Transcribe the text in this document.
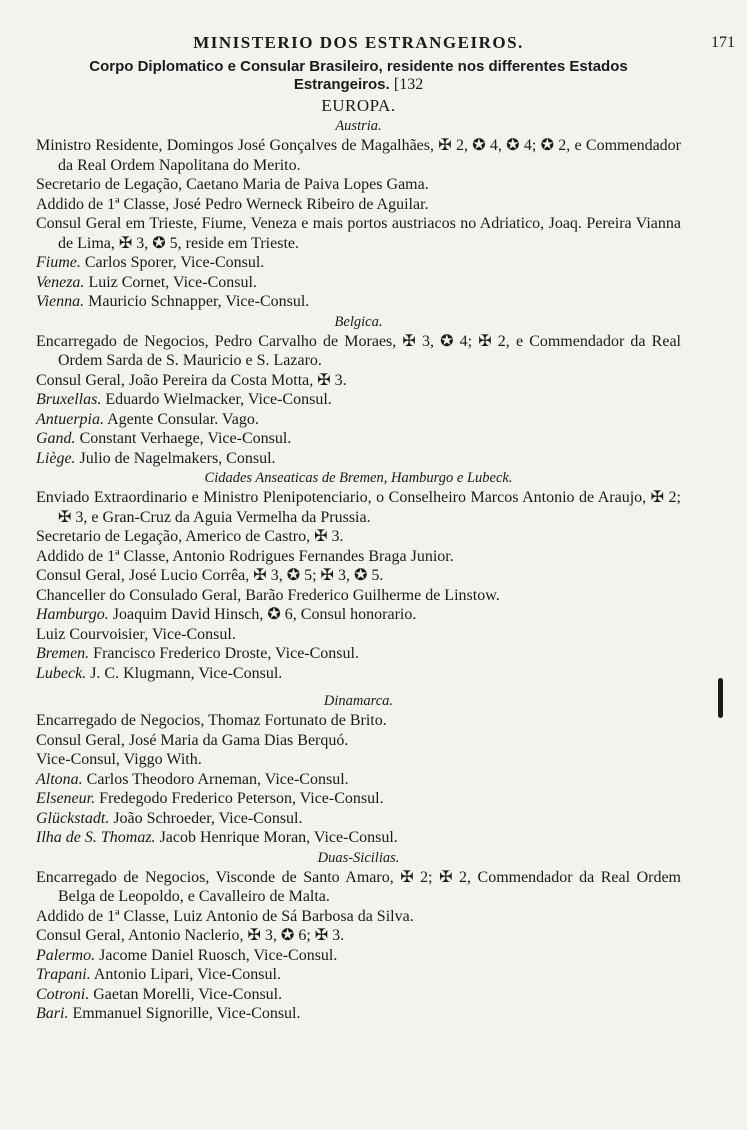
MINISTERIO DOS ESTRANGEIROS.	171
Corpo Diplomatico e Consular Brasileiro, residente nos differentes Estados Estrangeiros. [132
EUROPA.
Austria.
Ministro Residente, Domingos José Gonçalves de Magalhães, ✠ 2, ✪ 4, ✪ 4; ✪ 2, e Commendador da Real Ordem Napolitana do Merito.
Secretario de Legação, Caetano Maria de Paiva Lopes Gama.
Addido de 1ª Classe, José Pedro Werneck Ribeiro de Aguilar.
Consul Geral em Trieste, Fiume, Veneza e mais portos austriacos no Adriatico, Joaq. Pereira Vianna de Lima, ✠ 3, ✪ 5, reside em Trieste.
Fiume. Carlos Sporer, Vice-Consul.
Veneza. Luiz Cornet, Vice-Consul.
Vienna. Mauricio Schnapper, Vice-Consul.
Belgica.
Encarregado de Negocios, Pedro Carvalho de Moraes, ✠ 3, ✪ 4; ✠ 2, e Commendador da Real Ordem Sarda de S. Mauricio e S. Lazaro.
Consul Geral, João Pereira da Costa Motta, ✠ 3.
Bruxellas. Eduardo Wielmacker, Vice-Consul.
Antuerpia. Agente Consular. Vago.
Gand. Constant Verhaege, Vice-Consul.
Liège. Julio de Nagelmakers, Consul.
Cidades Anseaticas de Bremen, Hamburgo e Lubeck.
Enviado Extraordinario e Ministro Plenipotenciario, o Conselheiro Marcos Antonio de Araujo, ✠ 2; ✠ 3, e Gran-Cruz da Aguia Vermelha da Prussia.
Secretario de Legação, Americo de Castro, ✠ 3.
Addido de 1ª Classe, Antonio Rodrigues Fernandes Braga Junior.
Consul Geral, José Lucio Corrêa, ✠ 3, ✪ 5; ✠ 3, ✪ 5.
Chanceller do Consulado Geral, Barão Frederico Guilherme de Linstow.
Hamburgo. Joaquim David Hinsch, ✪ 6, Consul honorario.
Luiz Courvoisier, Vice-Consul.
Bremen. Francisco Frederico Droste, Vice-Consul.
Lubeck. J. C. Klugmann, Vice-Consul.
Dinamarca.
Encarregado de Negocios, Thomaz Fortunato de Brito.
Consul Geral, José Maria da Gama Dias Berquó.
Vice-Consul, Viggo With.
Altona. Carlos Theodoro Arneman, Vice-Consul.
Elseneur. Fredegodo Frederico Peterson, Vice-Consul.
Glückstadt. João Schroeder, Vice-Consul.
Ilha de S. Thomaz. Jacob Henrique Moran, Vice-Consul.
Duas-Sicilias.
Encarregado de Negocios, Visconde de Santo Amaro, ✠ 2; ✠ 2, Commendador da Real Ordem Belga de Leopoldo, e Cavalleiro de Malta.
Addido de 1ª Classe, Luiz Antonio de Sá Barbosa da Silva.
Consul Geral, Antonio Naclerio, ✠ 3, ✪ 6; ✠ 3.
Palermo. Jacome Daniel Ruosch, Vice-Consul.
Trapani. Antonio Lipari, Vice-Consul.
Cotroni. Gaetan Morelli, Vice-Consul.
Bari. Emmanuel Signorille, Vice-Consul.
